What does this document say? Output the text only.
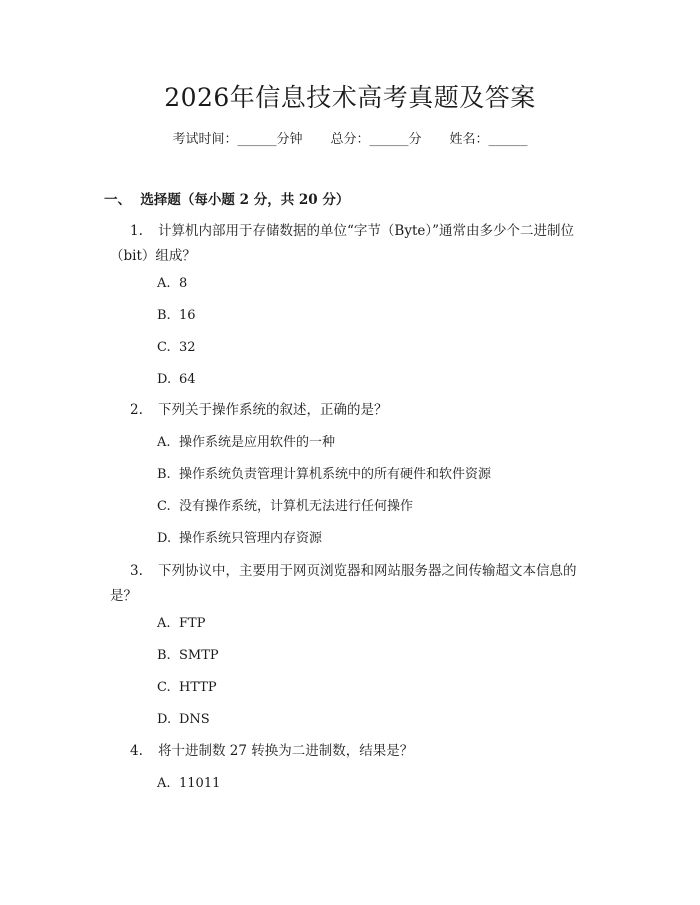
2026年信息技术高考真题及答案
考试时间：______分钟 总分：______分 姓名：______
一、  选择题（每小题 2 分，共 20 分）
1. 计算机内部用于存储数据的单位“字节（Byte）”通常由多少个二进制位
（bit）组成？
A. 8
B. 16
C. 32
D. 64
2. 下列关于操作系统的叙述，正确的是？
A. 操作系统是应用软件的一种
B. 操作系统负责管理计算机系统中的所有硬件和软件资源
C. 没有操作系统，计算机无法进行任何操作
D. 操作系统只管理内存资源
3. 下列协议中，主要用于网页浏览器和网站服务器之间传输超文本信息的
是？
A. FTP
B. SMTP
C. HTTP
D. DNS
4. 将十进制数 27 转换为二进制数，结果是？
A. 11011
